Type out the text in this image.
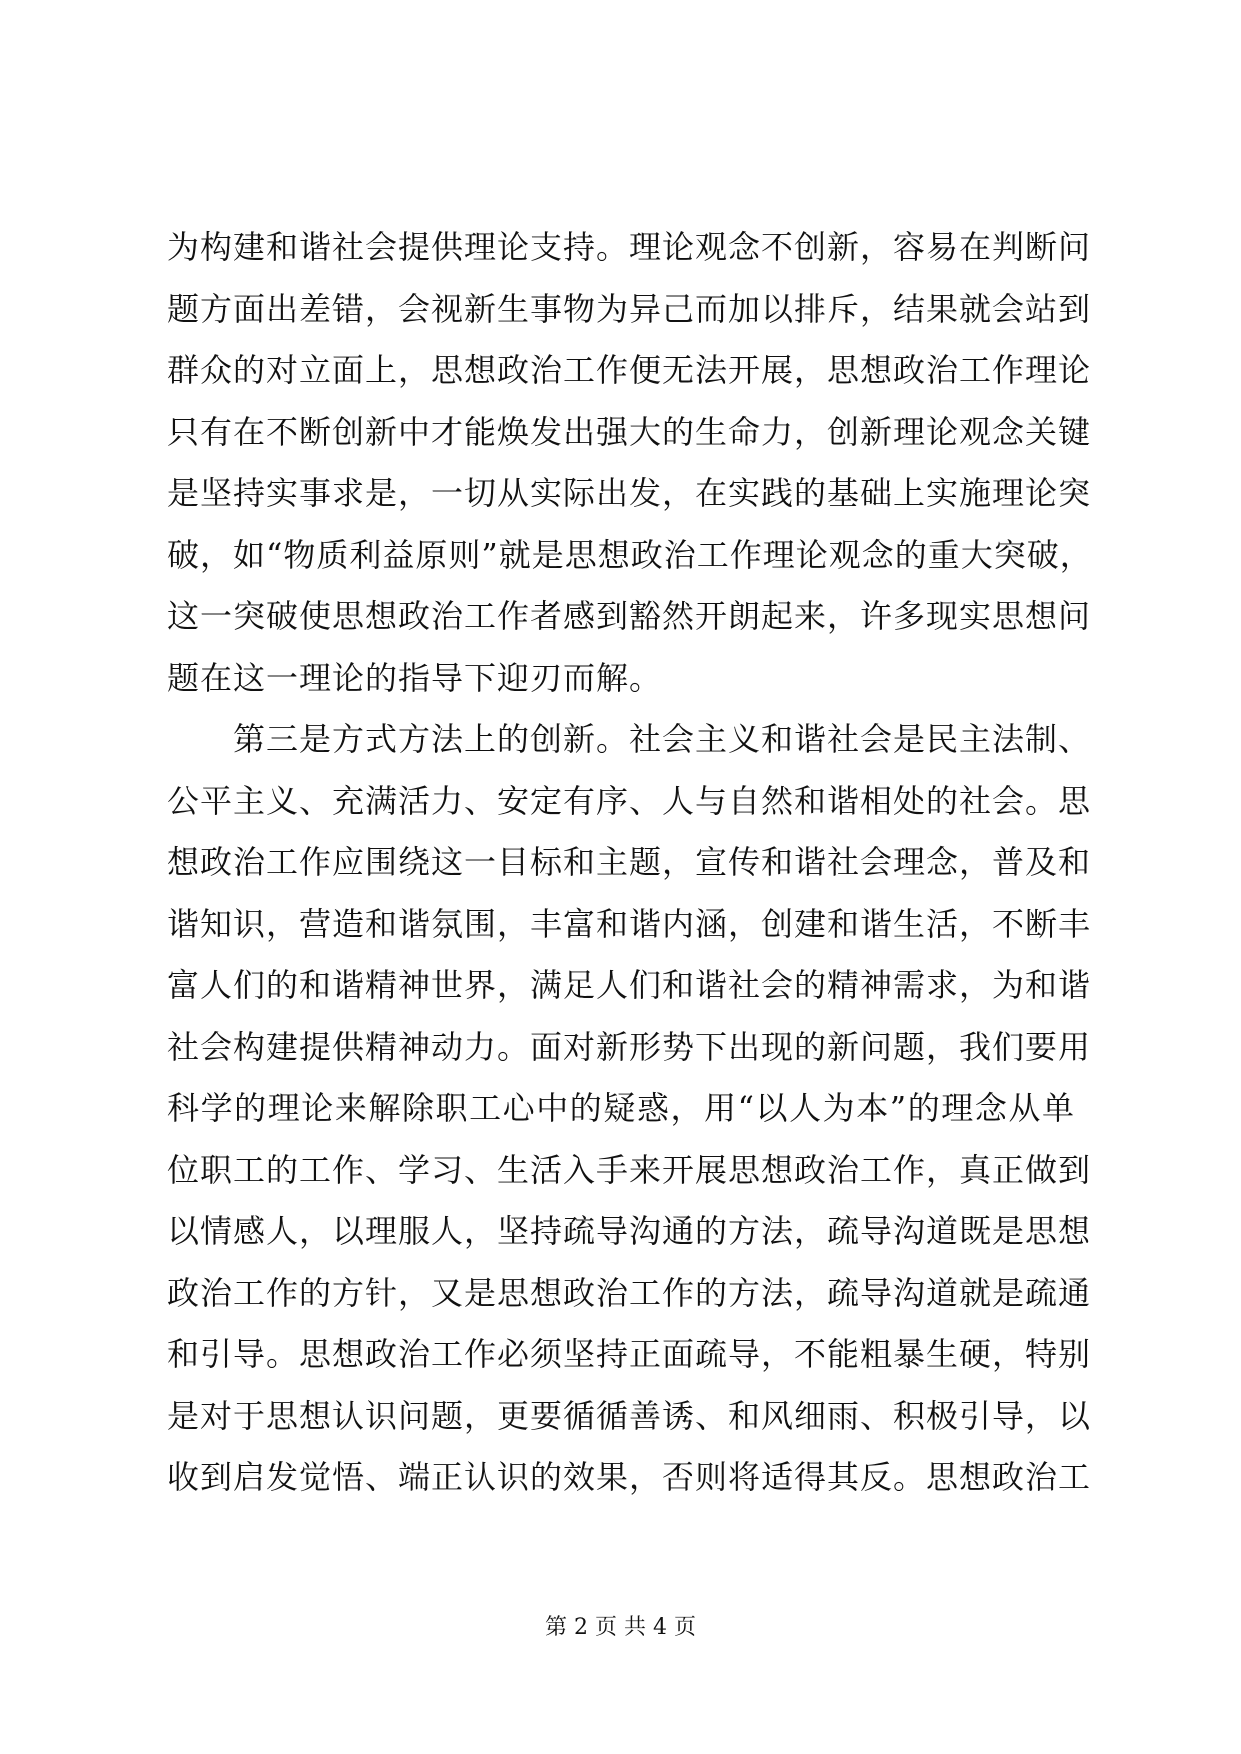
为构建和谐社会提供理论支持。理论观念不创新，容易在判断问
题方面出差错，会视新生事物为异己而加以排斥，结果就会站到
群众的对立面上，思想政治工作便无法开展，思想政治工作理论
只有在不断创新中才能焕发出强大的生命力，创新理论观念关键
是坚持实事求是，一切从实际出发，在实践的基础上实施理论突
破，如“物质利益原则”就是思想政治工作理论观念的重大突破，
这一突破使思想政治工作者感到豁然开朗起来，许多现实思想问
题在这一理论的指导下迎刃而解。
第三是方式方法上的创新。社会主义和谐社会是民主法制、
公平主义、充满活力、安定有序、人与自然和谐相处的社会。思
想政治工作应围绕这一目标和主题，宣传和谐社会理念，普及和
谐知识，营造和谐氛围，丰富和谐内涵，创建和谐生活，不断丰
富人们的和谐精神世界，满足人们和谐社会的精神需求，为和谐
社会构建提供精神动力。面对新形势下出现的新问题，我们要用
科学的理论来解除职工心中的疑惑，用“以人为本”的理念从单
位职工的工作、学习、生活入手来开展思想政治工作，真正做到
以情感人，以理服人，坚持疏导沟通的方法，疏导沟道既是思想
政治工作的方针，又是思想政治工作的方法，疏导沟道就是疏通
和引导。思想政治工作必须坚持正面疏导，不能粗暴生硬，特别
是对于思想认识问题，更要循循善诱、和风细雨、积极引导，以
收到启发觉悟、端正认识的效果，否则将适得其反。思想政治工
第 2 页 共 4 页
